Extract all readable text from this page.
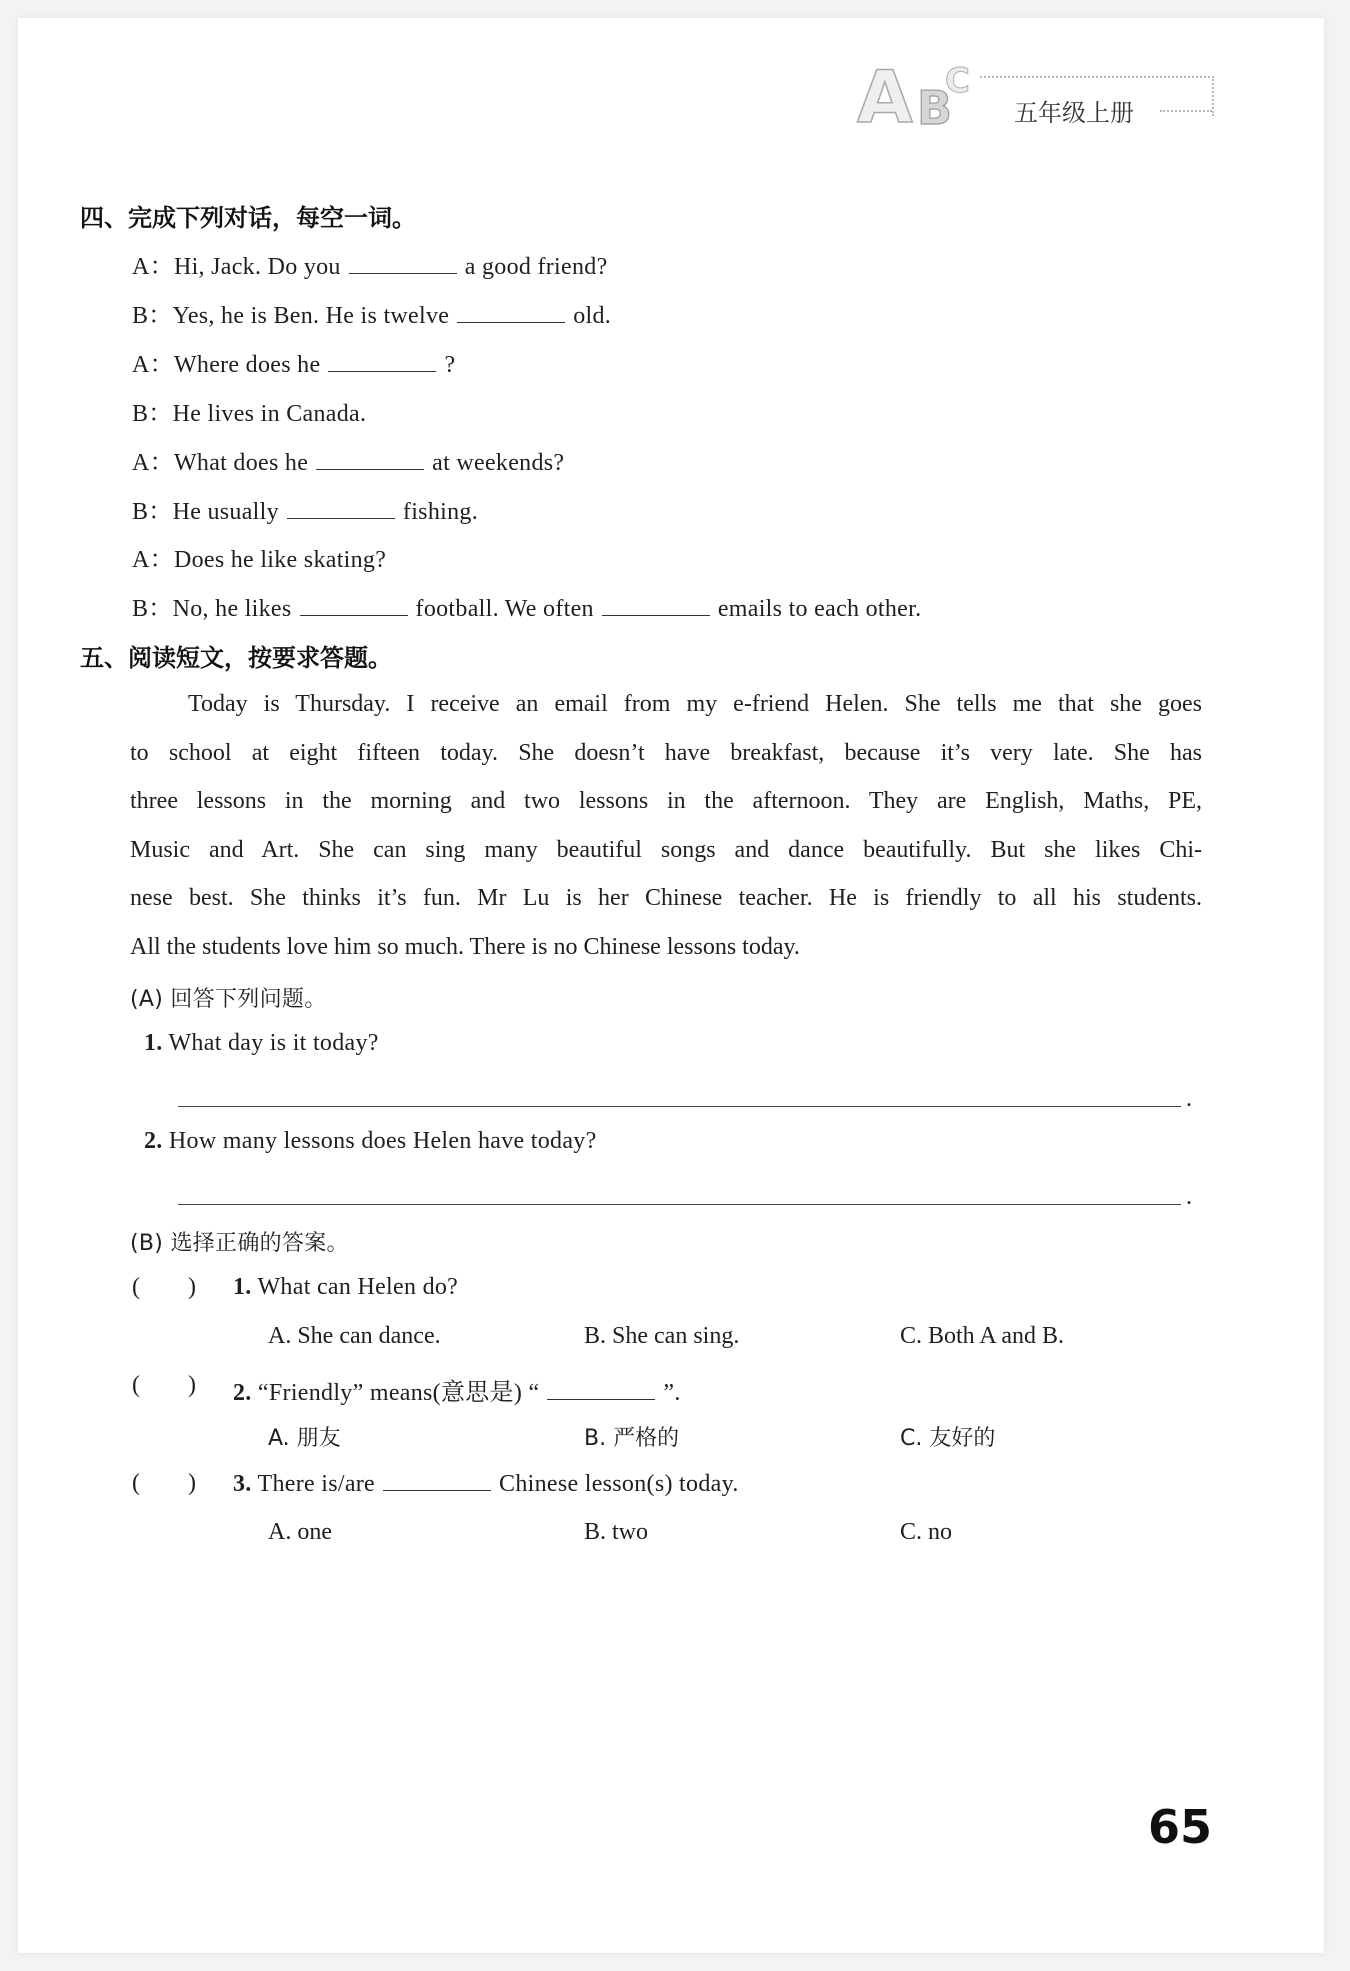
A B
C
五年级上册
四、完成下列对话，每空一词。
A：Hi, Jack. Do you	a good friend?
B：Yes, he is Ben. He is twelve	old.
A：Where does he	?
B：He lives in Canada.
A：What does he	at weekends?
B：He usually	fishing.
A：Does he like skating?
B：No, he likes	football. We often	emails to each other.
五、阅读短文，按要求答题。
Today is Thursday. I receive an email from my e-friend Helen. She tells me that she goes
to school at eight fifteen today. She doesn’t have breakfast, because it’s very late. She has
three lessons in the morning and two lessons in the afternoon. They are English, Maths, PE,
Music and Art. She can sing many beautiful songs and dance beautifully. But she likes Chi-
nese best. She thinks it’s fun. Mr Lu is her Chinese teacher. He is friendly to all his students.
All the students love him so much. There is no Chinese lessons today.
(A) 回答下列问题。
1. What day is it today?
.
2. How many lessons does Helen have today?
.
(B) 选择正确的答案。
(        ) 1. What can Helen do?
A. She can dance.	B. She can sing.	C. Both A and B.
(        ) 2. “Friendly” means(意思是) “	”.
A. 朋友	B. 严格的	C. 友好的
(        ) 3. There is/are	Chinese lesson(s) today.
A. one	B. two	C. no
65
